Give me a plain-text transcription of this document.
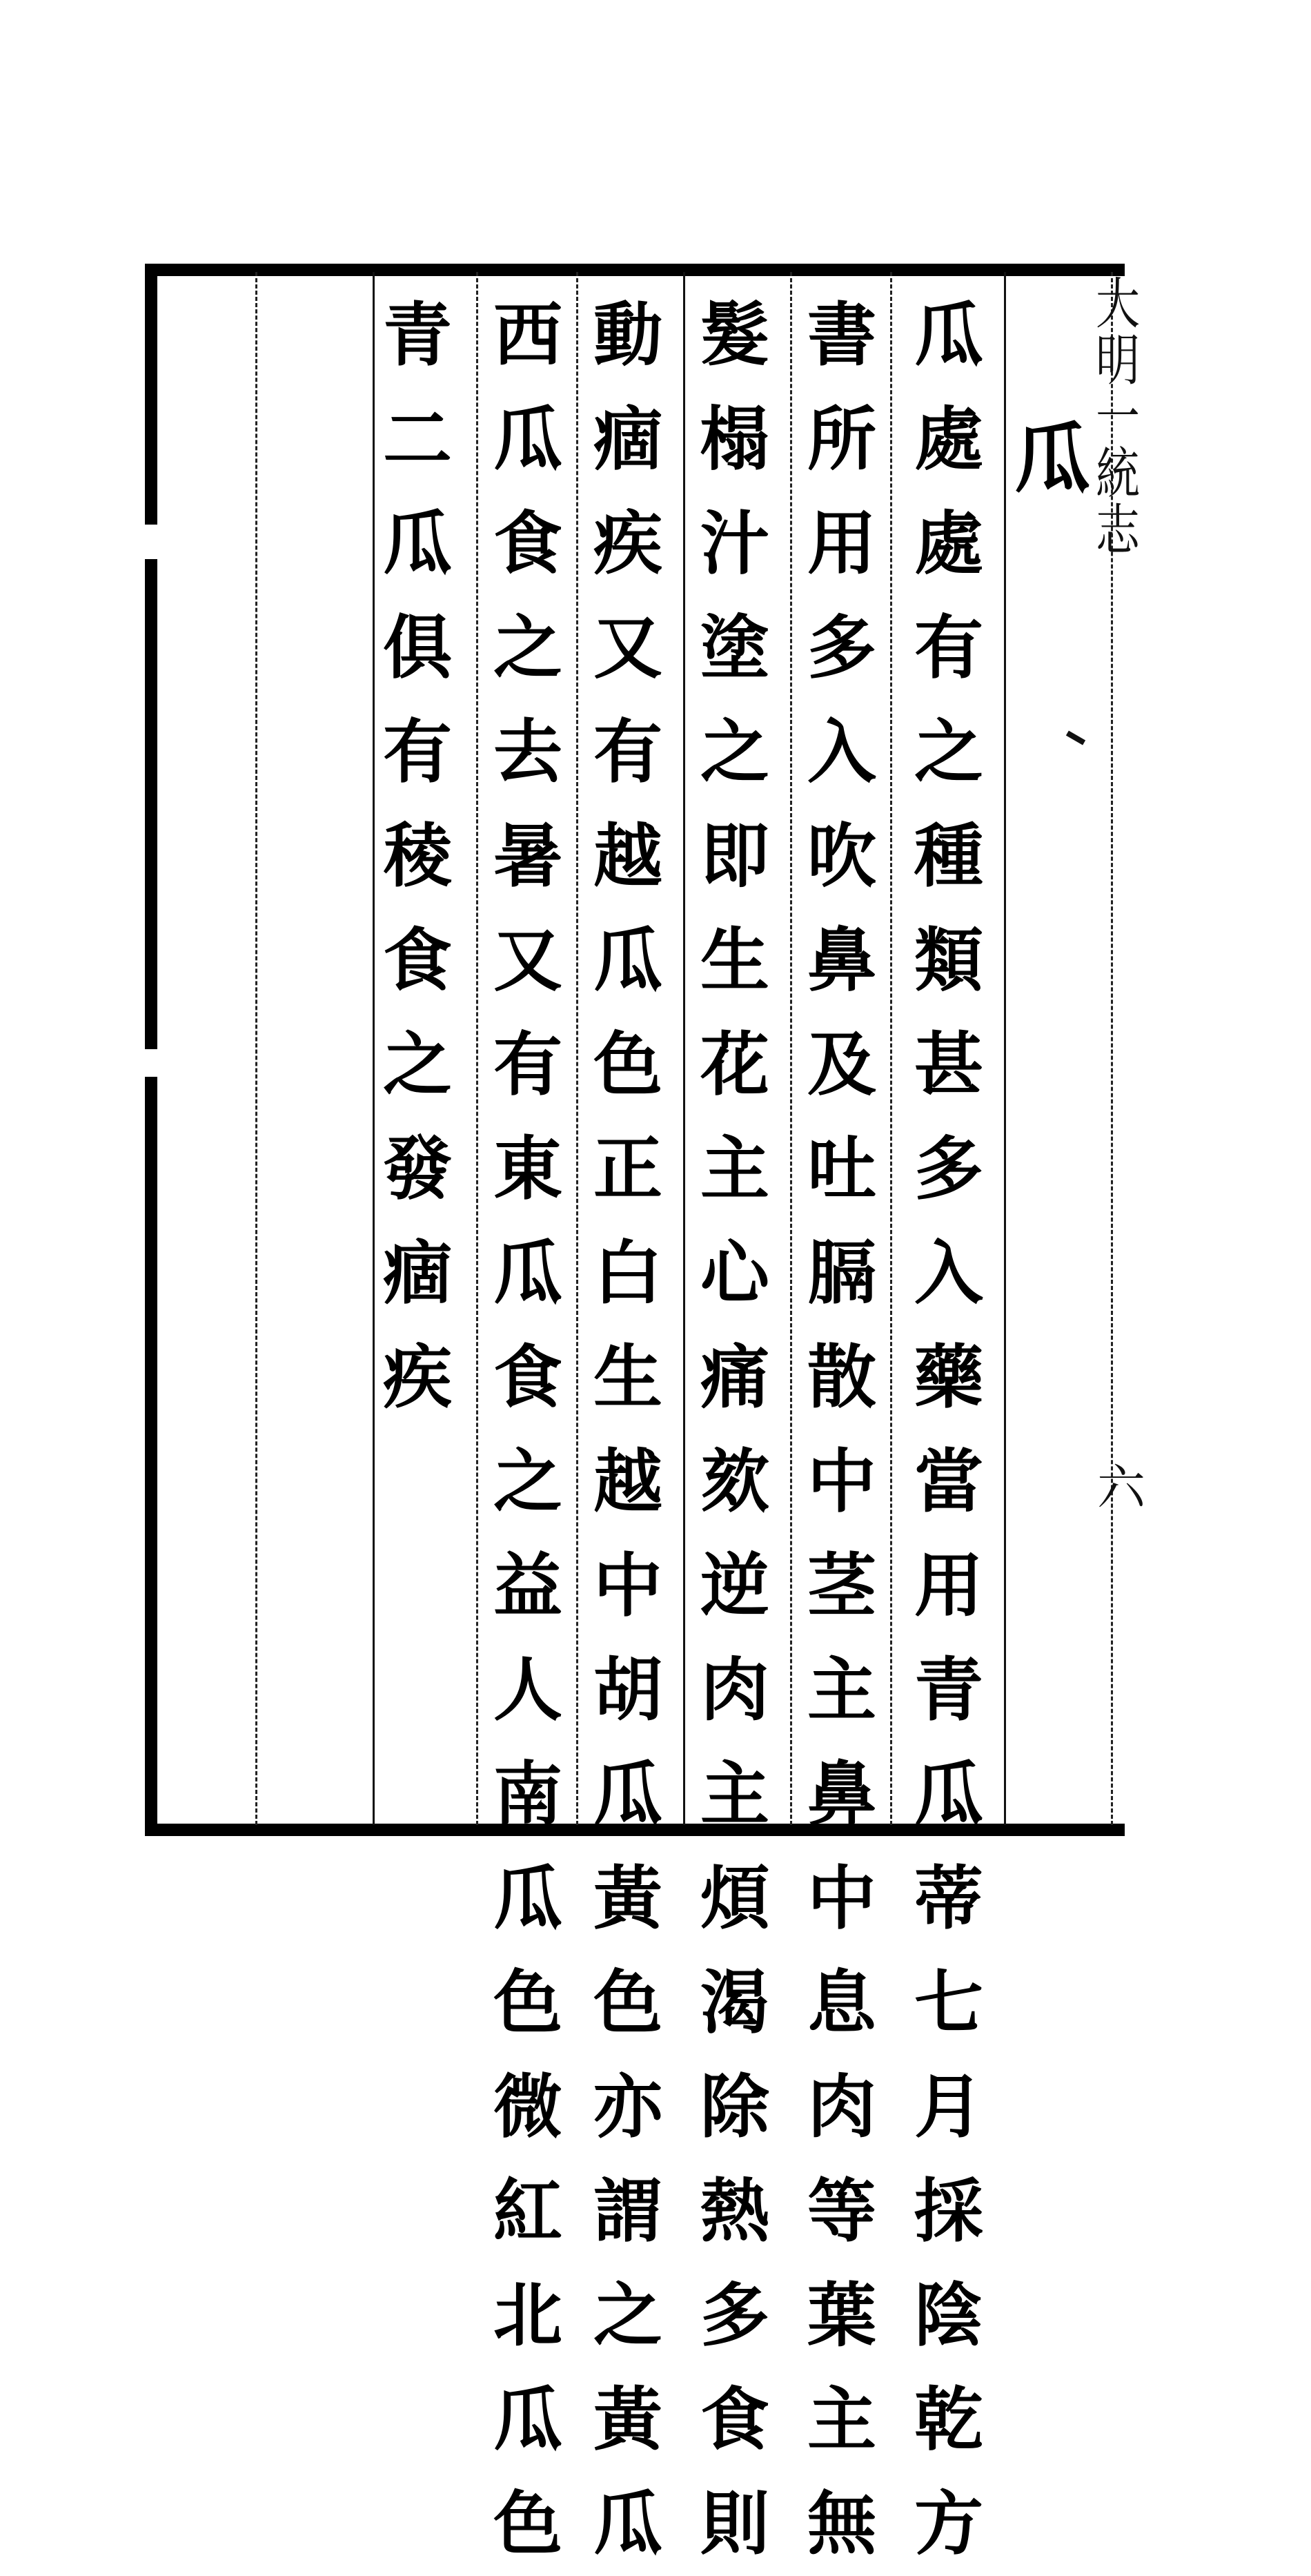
大
明
一
統
志
六
瓜
瓜
處
處
有
之
種
類
甚
多
入
藥
當
用
青
瓜
蒂
七
月
採
陰
乾
方
書
所
用
多
入
吹
鼻
及
吐
膈
散
中
茎
主
鼻
中
息
肉
等
葉
主
無
髮
榻
汁
塗
之
即
生
花
主
心
痛
欬
逆
肉
主
煩
渴
除
熱
多
食
則
動
痼
疾
又
有
越
瓜
色
正
白
生
越
中
胡
瓜
黃
色
亦
謂
之
黃
瓜
西
瓜
食
之
去
暑
又
有
東
瓜
食
之
益
人
南
瓜
色
微
紅
北
瓜
色
青
二
瓜
俱
有
稜
食
之
發
痼
疾
